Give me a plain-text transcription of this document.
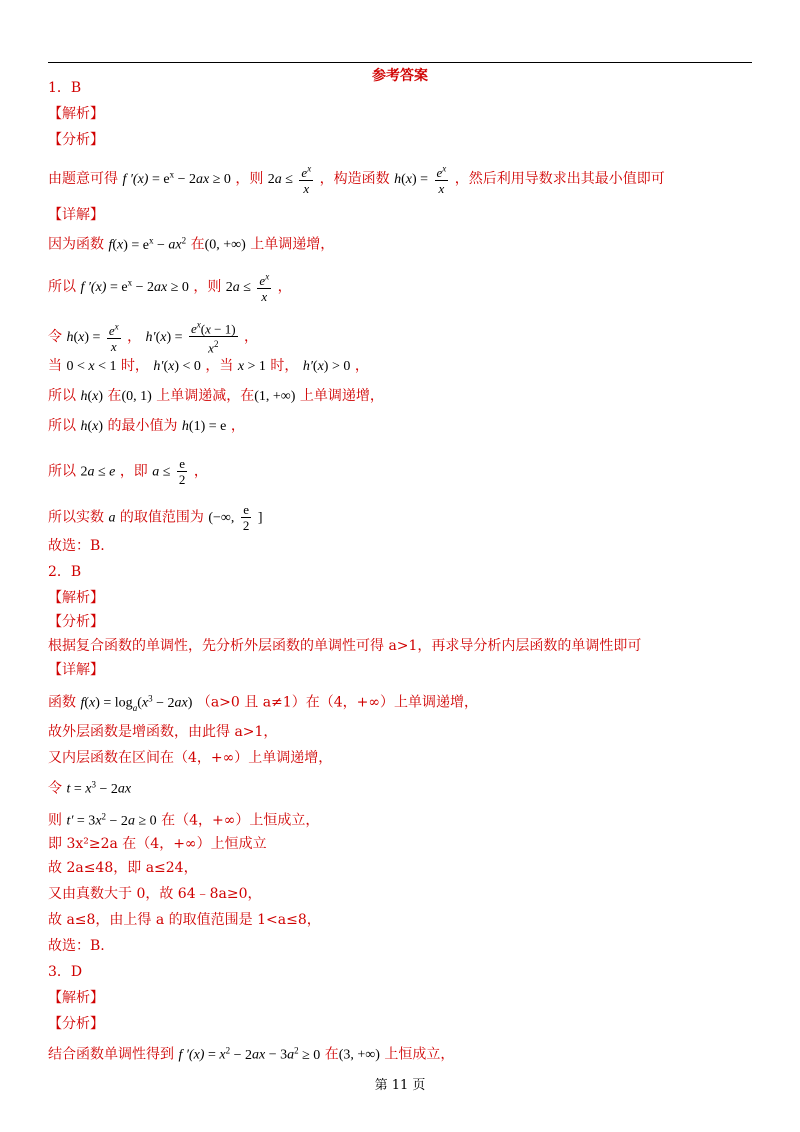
参考答案
1．B
【解析】
【分析】
由题意可得 f $'(x) = e^x - 2ax \ge 0$ ，则 $2a \le \frac{e^x}{x}$ ，构造函数 $h(x) = \frac{e^x}{x}$ ，然后利用导数求出其最小值即可
【详解】
因为函数 $f(x) = e^x - ax^2$ 在(0, +∞) 上单调递增，
所以 f $'(x) = e^x - 2ax \ge 0$ ，则 $2a \le \frac{e^x}{x}$ ，
令 $h(x) = \frac{e^x}{x}$ ， $h'(x) = \frac{e^x(x - 1)}{x^2}$ ，
当 0 < x < 1 时， h′(x) < 0 ，当 x > 1 时， h′(x) > 0 ，
所以 h(x) 在(0, 1) 上单调递减，在(1, +∞) 上单调递增，
所以 h(x) 的最小值为 h(1) = e ，
所以 2a ≤ e ，即 $a \le \frac{e}{2}$ ，
所以实数 a 的取值范围为 (−∞, $\frac{e}{2}$ ]
故选：B.
2．B
【解析】
【分析】
根据复合函数的单调性，先分析外层函数的单调性可得 a>1，再求导分析内层函数的单调性即可
【详解】
函数 $f(x) = \log_a(x^3 - 2ax)$ （a>0 且 a≠1）在（4，+∞）上单调递增，
故外层函数是增函数，由此得 a>1，
又内层函数在区间在（4，+∞）上单调递增，
令 $t = x^3 - 2ax$
则 $t' = 3x^2 - 2a \ge 0$ 在（4，+∞）上恒成立，
即 3x²≥2a 在（4，+∞）上恒成立
故 2a≤48，即 a≤24，
又由真数大于 0，故 64﹣8a≥0，
故 a≤8，由上得 a 的取值范围是 1<a≤8，
故选：B.
3．D
【解析】
【分析】
结合函数单调性得到 f $'(x) = x^2 - 2ax - 3a^2 \ge 0$ 在(3, +∞) 上恒成立，
第 11 页
